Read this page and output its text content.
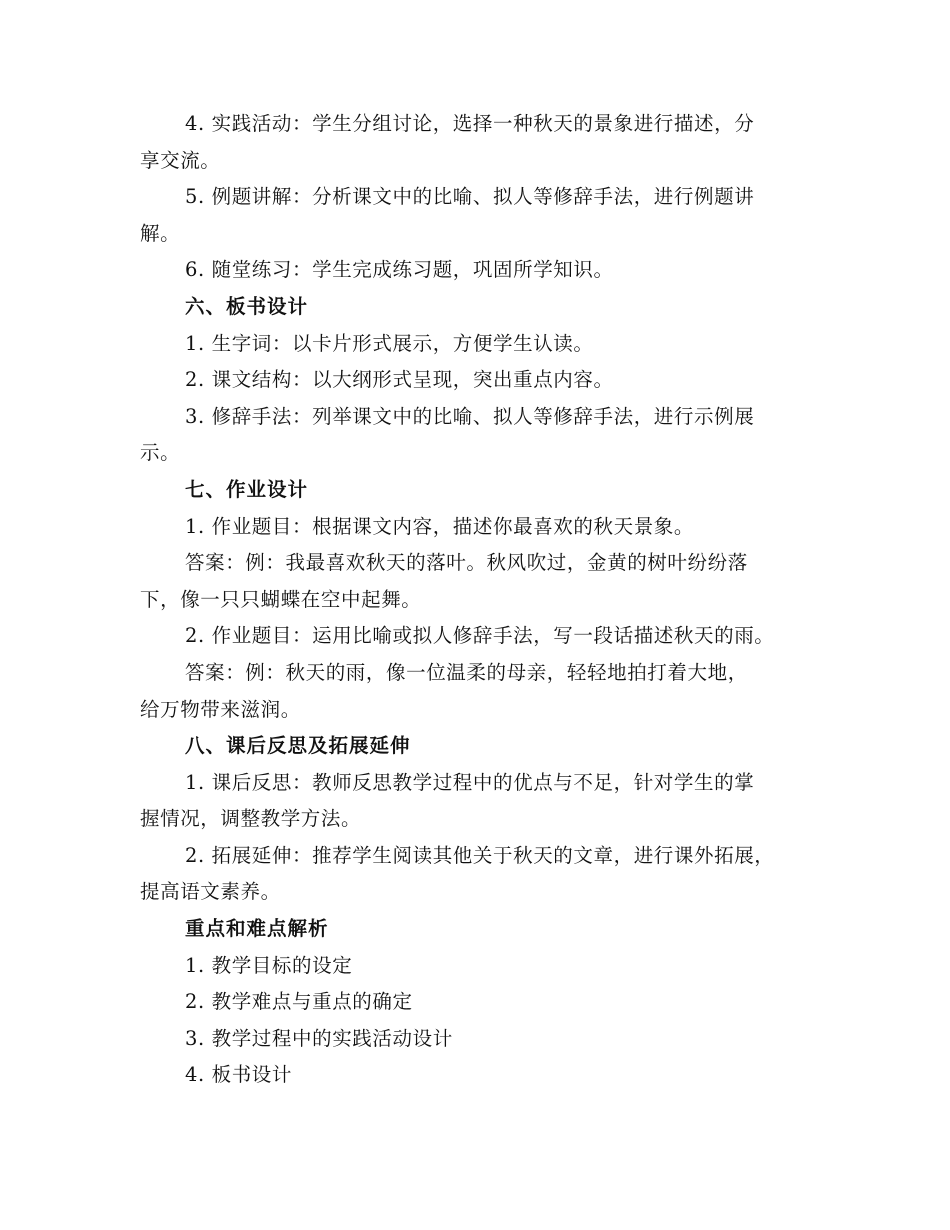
4. 实践活动：学生分组讨论，选择一种秋天的景象进行描述，分
享交流。
5. 例题讲解：分析课文中的比喻、拟人等修辞手法，进行例题讲
解。
6. 随堂练习：学生完成练习题，巩固所学知识。
六、板书设计
1. 生字词：以卡片形式展示，方便学生认读。
2. 课文结构：以大纲形式呈现，突出重点内容。
3. 修辞手法：列举课文中的比喻、拟人等修辞手法，进行示例展
示。
七、作业设计
1. 作业题目：根据课文内容，描述你最喜欢的秋天景象。
答案：例：我最喜欢秋天的落叶。秋风吹过，金黄的树叶纷纷落
下，像一只只蝴蝶在空中起舞。
2. 作业题目：运用比喻或拟人修辞手法，写一段话描述秋天的雨。
答案：例：秋天的雨，像一位温柔的母亲，轻轻地拍打着大地，
给万物带来滋润。
八、课后反思及拓展延伸
1. 课后反思：教师反思教学过程中的优点与不足，针对学生的掌
握情况，调整教学方法。
2. 拓展延伸：推荐学生阅读其他关于秋天的文章，进行课外拓展，
提高语文素养。
重点和难点解析
1. 教学目标的设定
2. 教学难点与重点的确定
3. 教学过程中的实践活动设计
4. 板书设计
